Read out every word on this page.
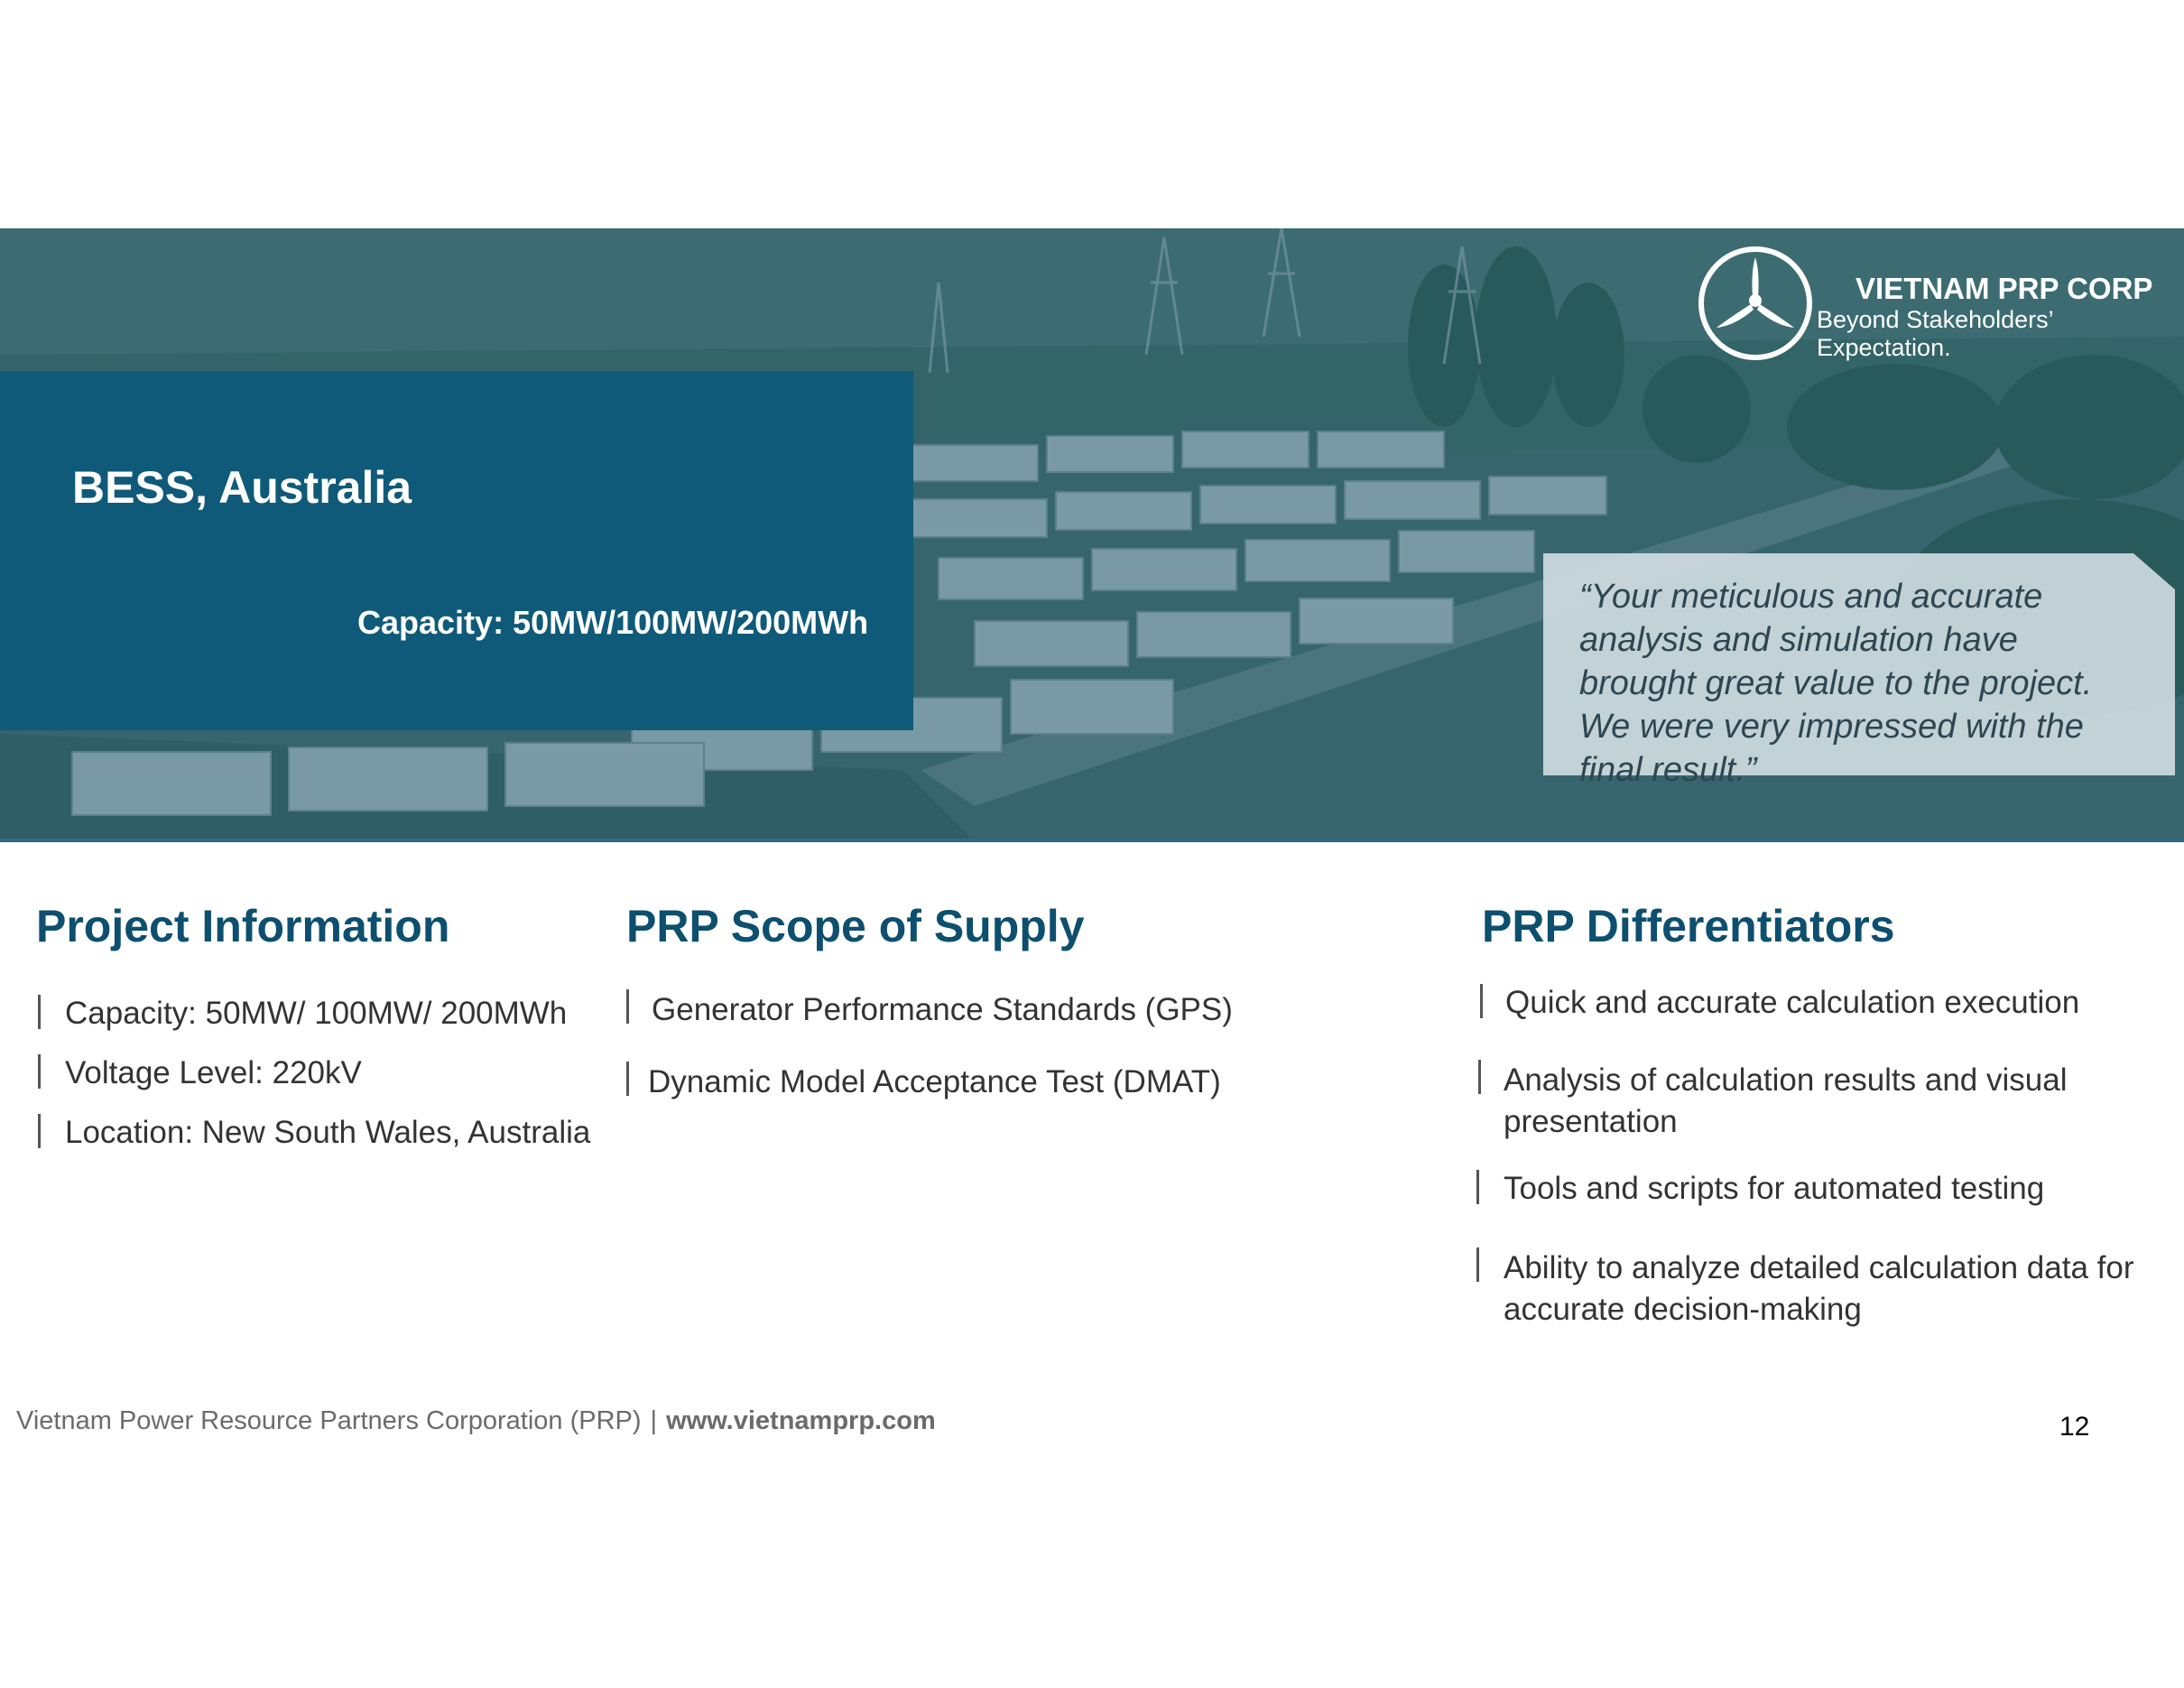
BESS, Australia
Capacity: 50MW/100MW/200MWh
“Your meticulous and accurate analysis and simulation have brought great value to the project. We were very impressed with the final result.”
VIETNAM PRP CORP
Beyond Stakeholders’ Expectation.
Project Information
Capacity: 50MW/ 100MW/ 200MWh
Voltage Level: 220kV
Location: New South Wales, Australia
PRP Scope of Supply
Generator Performance Standards (GPS)
Dynamic Model Acceptance Test (DMAT)
PRP Differentiators
Quick and accurate calculation execution
Analysis of calculation results and visual presentation
Tools and scripts for automated testing
Ability to analyze detailed calculation data for accurate decision-making
Vietnam Power Resource Partners Corporation (PRP) | www.vietnamprp.com	12
